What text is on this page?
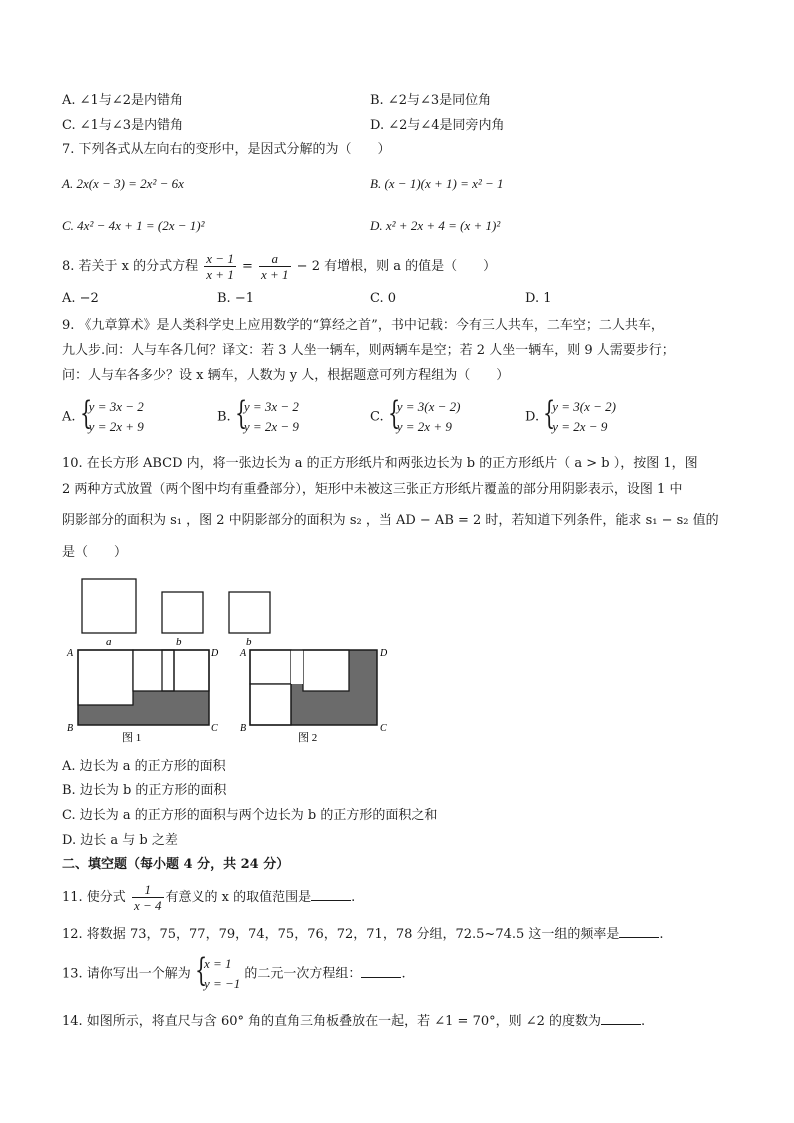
A. ∠1与∠2是内错角	B. ∠2与∠3是同位角
C. ∠1与∠3是内错角	D. ∠2与∠4是同旁内角
7. 下列各式从左向右的变形中，是因式分解的为（　　）
A. 2x(x − 3) = 2x² − 6x	B. (x − 1)(x + 1) = x² − 1
C. 4x² − 4x + 1 = (2x − 1)²	D. x² + 2x + 4 = (x + 1)²
8. 若关于 x 的分式方程 $\frac{x - 1}{x + 1} = \frac{a}{x + 1} - 2$ 有增根，则 a 的值是（　　）
A. −2	B. −1	C. 0	D. 1
9. 《九章算术》是人类科学史上应用数学的“算经之首”，书中记载：今有三人共车，二车空；二人共车，
九人步.问：人与车各几何？译文：若 3 人坐一辆车，则两辆车是空；若 2 人坐一辆车，则 9 人需要步行；
问：人与车各多少？设 x 辆车，人数为 y 人，根据题意可列方程组为（　　）
A. {
y = 3x − 2
y = 2x + 9
B. {
y = 3x − 2
y = 2x − 9
C. {
y = 3(x − 2)
y = 2x + 9
D. {
y = 3(x − 2)
y = 2x − 9
10. 在长方形 ABCD 内，将一张边长为 a 的正方形纸片和两张边长为 b 的正方形纸片（ a > b ），按图 1，图
2 两种方式放置（两个图中均有重叠部分），矩形中未被这三张正方形纸片覆盖的部分用阴影表示，设图 1 中
阴影部分的面积为 s₁ ，图 2 中阴影部分的面积为 s₂ ，当 AD − AB = 2 时，若知道下列条件，能求 s₁ − s₂ 值的
是（　　）
a	b	b
A	D
B	C
图 1
A	D
B	C
图 2
A. 边长为 a 的正方形的面积
B. 边长为 b 的正方形的面积
C. 边长为 a 的正方形的面积与两个边长为 b 的正方形的面积之和
D. 边长 a 与 b 之差
二、填空题（每小题 4 分，共 24 分）
11. 使分式 $\frac{1}{x - 4}$ 有意义的 x 的取值范围是	.
12. 将数据 73，75，77，79，74，75，76，72，71，78 分组，72.5~74.5 这一组的频率是	.
13. 请你写出一个解为 {
x = 1
y = −1
的二元一次方程组：	.
14. 如图所示，将直尺与含 60° 角的直角三角板叠放在一起，若 ∠1 = 70°，则 ∠2 的度数为	.
